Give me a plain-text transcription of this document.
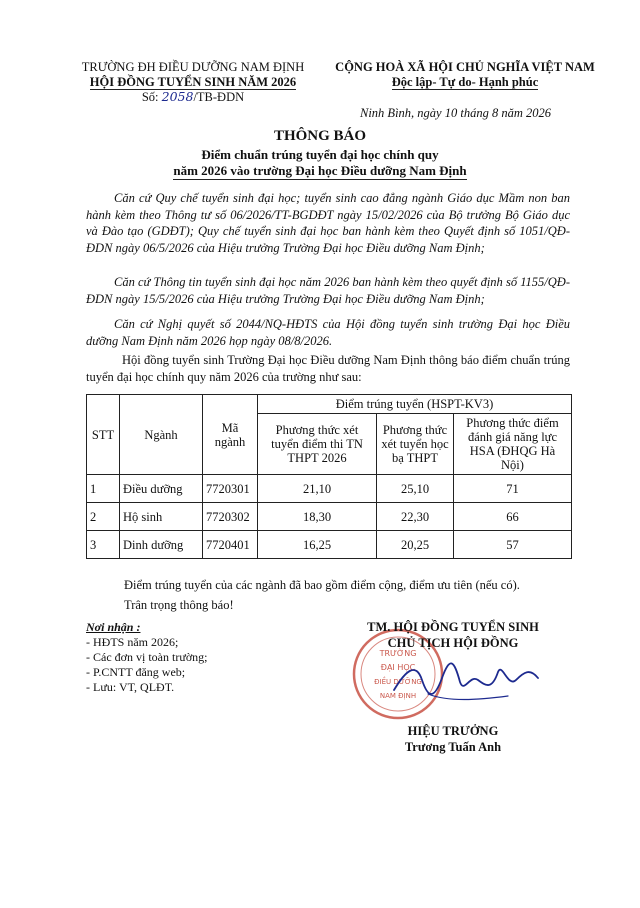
TRƯỜNG ĐH ĐIỀU DƯỠNG NAM ĐỊNH
HỘI ĐỒNG TUYỂN SINH NĂM 2026
Số: 2058/TB-ĐDN
CỘNG HOÀ XÃ HỘI CHỦ NGHĨA VIỆT NAM
Độc lập- Tự do- Hạnh phúc
Ninh Bình, ngày 10 tháng 8 năm 2026
THÔNG BÁO
Điểm chuẩn trúng tuyển đại học chính quy
năm 2026 vào trường Đại học Điều dưỡng Nam Định
Căn cứ Quy chế tuyển sinh đại học; tuyển sinh cao đẳng ngành Giáo dục Mầm non ban hành kèm theo Thông tư số 06/2026/TT-BGDĐT ngày 15/02/2026 của Bộ trưởng Bộ Giáo dục và Đào tạo (GDĐT); Quy chế tuyển sinh đại học ban hành kèm theo Quyết định số 1051/QĐ-ĐDN ngày 06/5/2026 của Hiệu trưởng Trường Đại học Điều dưỡng Nam Định;
Căn cứ Thông tin tuyển sinh đại học năm 2026 ban hành kèm theo quyết định số 1155/QĐ-ĐDN ngày 15/5/2026 của Hiệu trưởng Trường Đại học Điều dưỡng Nam Định;
Căn cứ Nghị quyết số 2044/NQ-HĐTS của Hội đồng tuyển sinh trường Đại học Điều dưỡng Nam Định năm 2026 họp ngày 08/8/2026.
Hội đồng tuyển sinh Trường Đại học Điều dưỡng Nam Định thông báo điểm chuẩn trúng tuyển đại học chính quy năm 2026 của trường như sau:
STT	Ngành	Mã ngành	Điểm trúng tuyển (HSPT-KV3)		
			Phương thức xét tuyển điểm thi TN THPT 2026	Phương thức xét tuyển học bạ THPT	Phương thức điểm đánh giá năng lực HSA (ĐHQG Hà Nội)
1	Điều dưỡng	7720301	21,10	25,10	71
2	Hộ sinh	7720302	18,30	22,30	66
3	Dinh dưỡng	7720401	16,25	20,25	57
Điểm trúng tuyển của các ngành đã bao gồm điểm cộng, điểm ưu tiên (nếu có).
Trân trọng thông báo!
Nơi nhận :
- HĐTS năm 2026;
- Các đơn vị toàn trường;
- P.CNTT đăng web;
- Lưu: VT, QLĐT.
TRƯỜNG
ĐẠI HỌC
ĐIỀU DƯỠNG
NAM ĐỊNH
TM. HỘI ĐỒNG TUYỂN SINH
CHỦ TỊCH HỘI ĐỒNG
HIỆU TRƯỞNG
Trương Tuấn Anh
